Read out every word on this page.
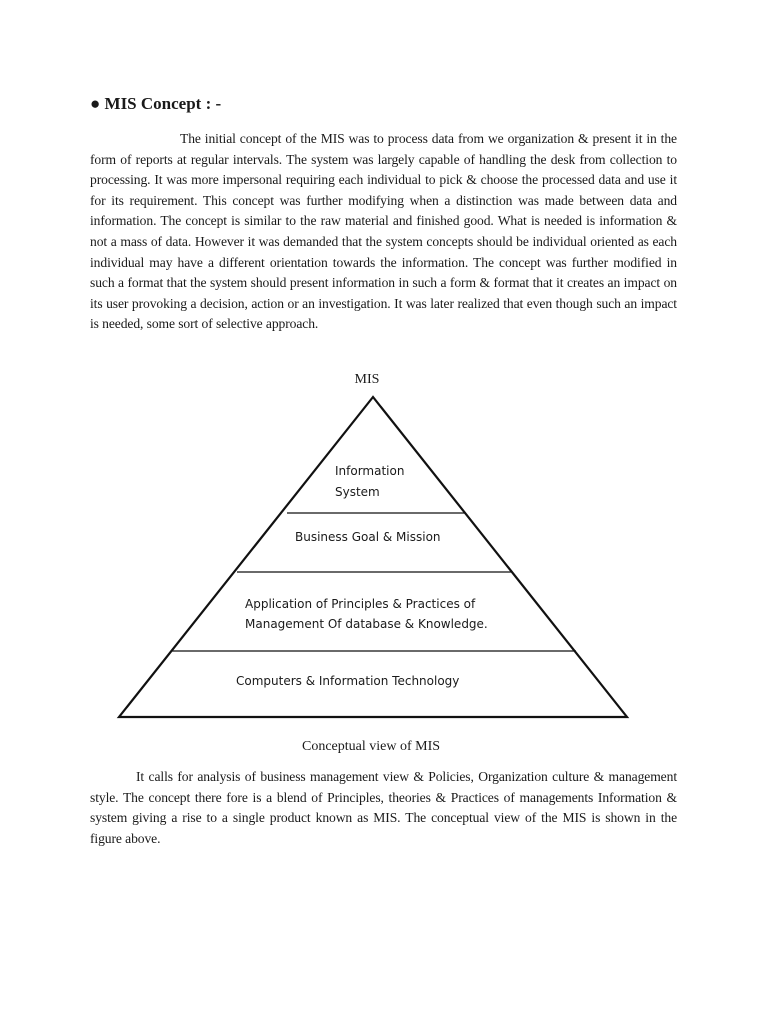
● MIS Concept : -

The initial concept of the MIS was to process data from we organization & present it in the form of reports at regular intervals. The system was largely capable of handling the desk from collection to processing. It was more impersonal requiring each individual to pick & choose the processed data and use it for its requirement. This concept was further modifying when a distinction was made between data and information. The concept is similar to the raw material and finished good. What is needed is information & not a mass of data. However it was demanded that the system concepts should be individual oriented as each individual may have a different orientation towards the information. The concept was further modified in such a format that the system should present information in such a form & format that it creates an impact on its user provoking a decision, action or an investigation. It was later realized that even though such an impact is needed, some sort of selective approach.

MIS
Information
System
Business Goal & Mission
Application of Principles & Practices of
Management Of database & Knowledge.
Computers & Information Technology
Conceptual view of MIS

It calls for analysis of business management view & Policies, Organization culture & management style. The concept there fore is a blend of Principles, theories & Practices of managements Information & system giving a rise to a single product known as MIS. The conceptual view of the MIS is shown in the figure above.
